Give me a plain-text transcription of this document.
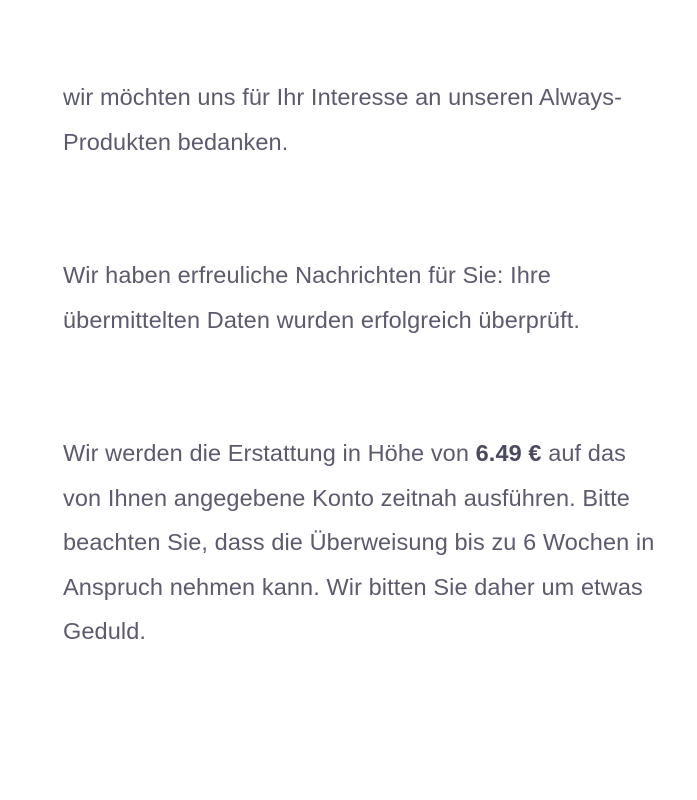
wir möchten uns für Ihr Interesse an unseren Always-Produkten bedanken.

Wir haben erfreuliche Nachrichten für Sie: Ihre übermittelten Daten wurden erfolgreich überprüft.

Wir werden die Erstattung in Höhe von 6.49 € auf das von Ihnen angegebene Konto zeitnah ausführen. Bitte beachten Sie, dass die Überweisung bis zu 6 Wochen in Anspruch nehmen kann. Wir bitten Sie daher um etwas Geduld.
